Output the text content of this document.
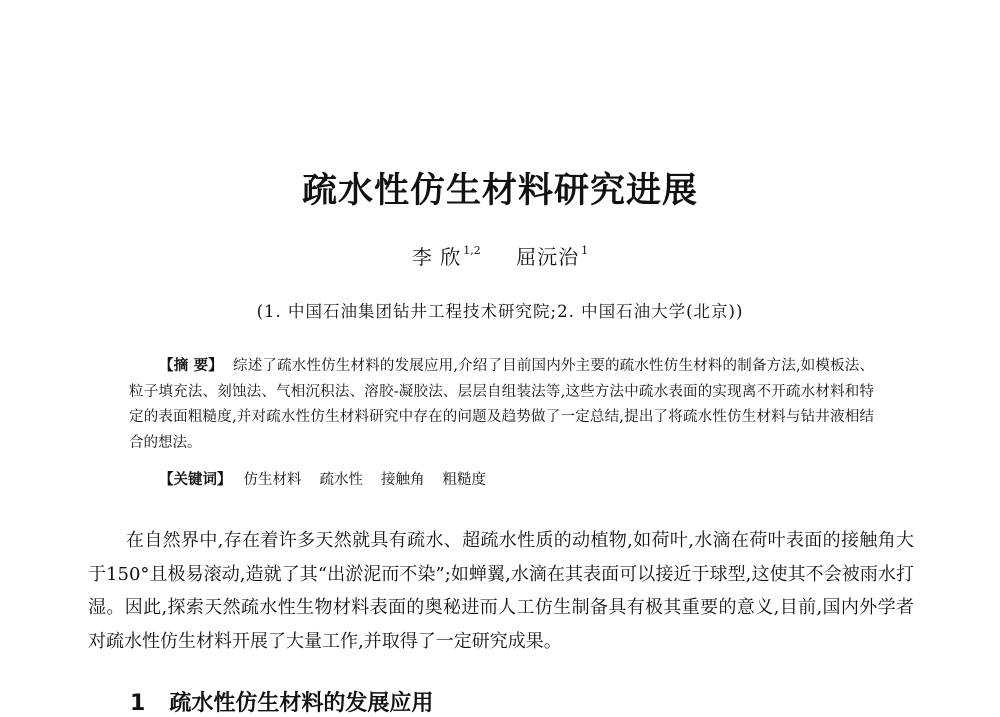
疏水性仿生材料研究进展
李 欣 $^{1,2}$ 屈沅治 $^1$
(1. 中国石油集团钻井工程技术研究院;2. 中国石油大学(北京))
【摘 要】 综述了疏水性仿生材料的发展应用,介绍了目前国内外主要的疏水性仿生材料的制备方法,如模板法、粒子填充法、刻蚀法、气相沉积法、溶胶-凝胶法、层层自组装法等,这些方法中疏水表面的实现离不开疏水材料和特定的表面粗糙度,并对疏水性仿生材料研究中存在的问题及趋势做了一定总结,提出了将疏水性仿生材料与钻井液相结合的想法。
【关键词】 仿生材料 疏水性 接触角 粗糙度
在自然界中,存在着许多天然就具有疏水、超疏水性质的动植物,如荷叶,水滴在荷叶表面的接触角大于150°且极易滚动,造就了其“出淤泥而不染”;如蝉翼,水滴在其表面可以接近于球型,这使其不会被雨水打湿。因此,探索天然疏水性生物材料表面的奥秘进而人工仿生制备具有极其重要的意义,目前,国内外学者对疏水性仿生材料开展了大量工作,并取得了一定研究成果。
1 疏水性仿生材料的发展应用
